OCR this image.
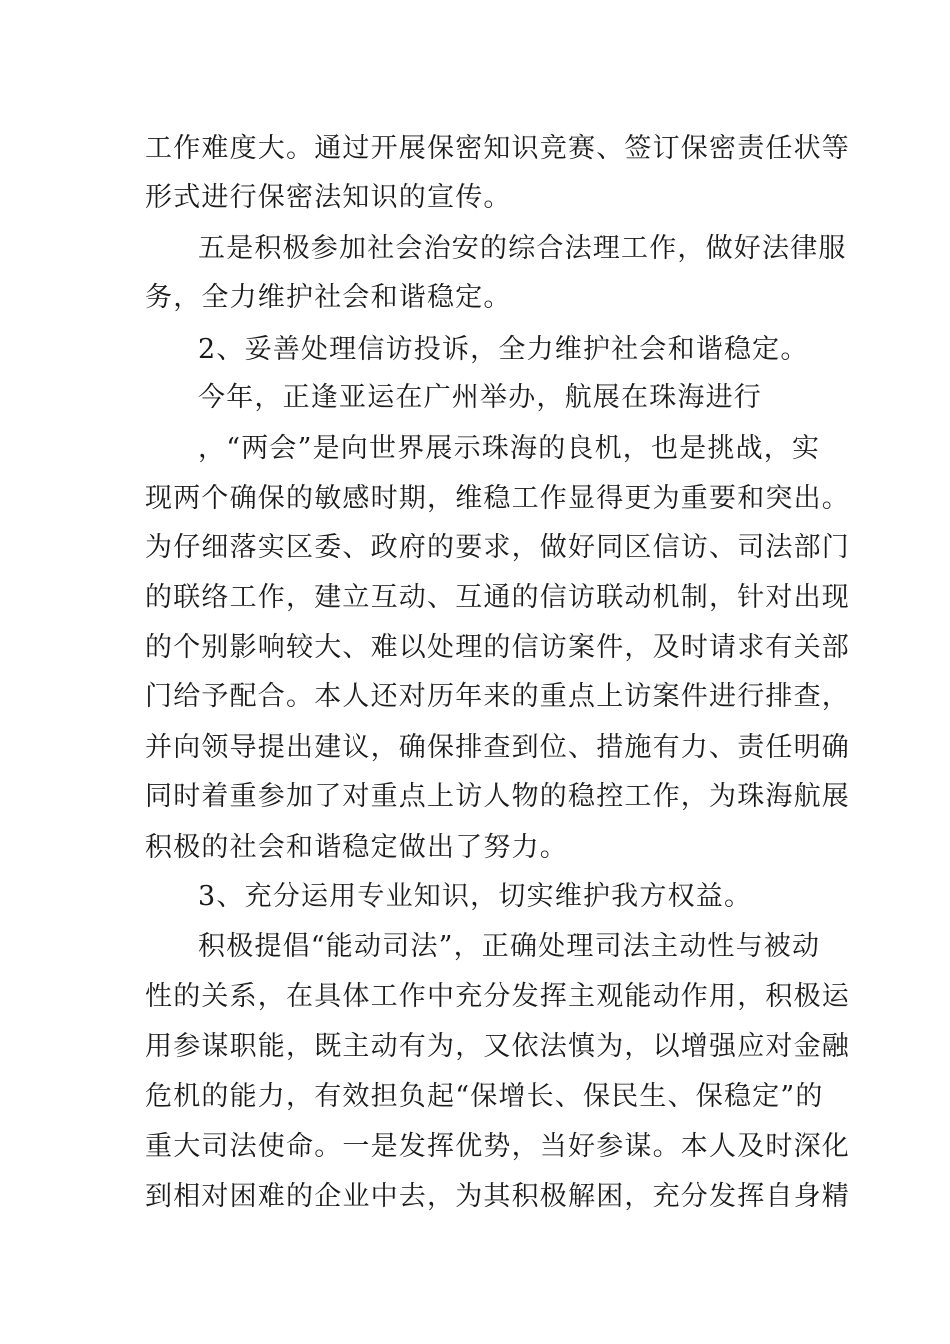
工作难度大。通过开展保密知识竞赛、签订保密责任状等
形式进行保密法知识的宣传。
五是积极参加社会治安的综合法理工作，做好法律服
务，全力维护社会和谐稳定。
2、妥善处理信访投诉，全力维护社会和谐稳定。
今年，正逢亚运在广州举办，航展在珠海进行
，“两会”是向世界展示珠海的良机，也是挑战，实
现两个确保的敏感时期，维稳工作显得更为重要和突出。
为仔细落实区委、政府的要求，做好同区信访、司法部门
的联络工作，建立互动、互通的信访联动机制，针对出现
的个别影响较大、难以处理的信访案件，及时请求有关部
门给予配合。本人还对历年来的重点上访案件进行排查，
并向领导提出建议，确保排查到位、措施有力、责任明确
同时着重参加了对重点上访人物的稳控工作，为珠海航展
积极的社会和谐稳定做出了努力。
3、充分运用专业知识，切实维护我方权益。
积极提倡“能动司法”，正确处理司法主动性与被动
性的关系，在具体工作中充分发挥主观能动作用，积极运
用参谋职能，既主动有为，又依法慎为，以增强应对金融
危机的能力，有效担负起“保增长、保民生、保稳定”的
重大司法使命。一是发挥优势，当好参谋。本人及时深化
到相对困难的企业中去，为其积极解困，充分发挥自身精
